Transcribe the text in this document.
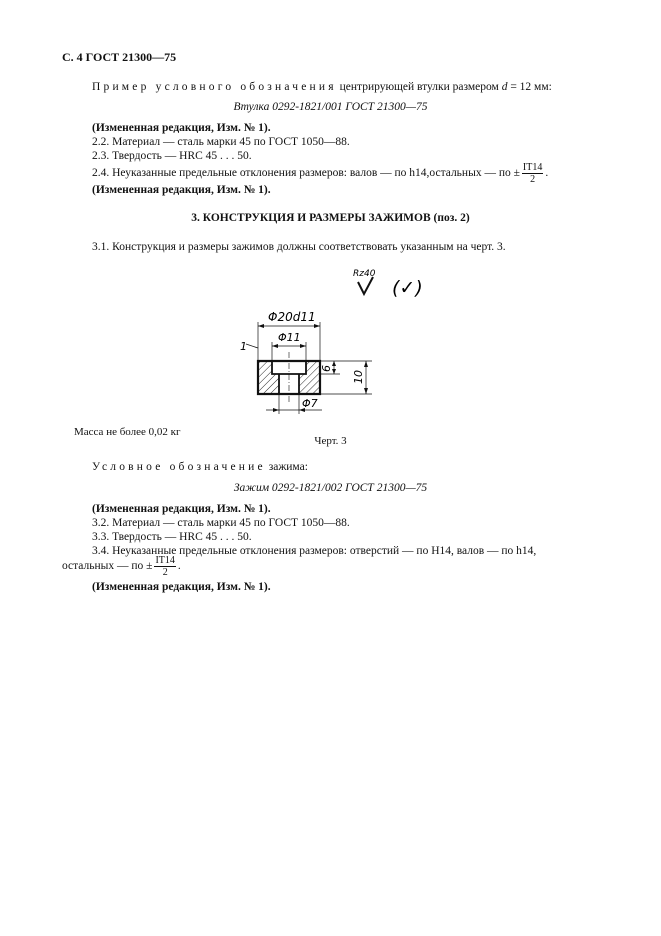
С. 4 ГОСТ 21300—75
Пример условного обозначения центрирующей втулки размером d = 12 мм:
Втулка 0292-1821/001 ГОСТ 21300—75
(Измененная редакция, Изм. № 1).
2.2. Материал — сталь марки 45 по ГОСТ 1050—88.
2.3. Твердость — HRC 45 . . . 50.
2.4. Неуказанные предельные отклонения размеров: валов — по h14,остальных — по ± $\frac{IT14}{2}$ .
(Измененная редакция, Изм. № 1).
3. КОНСТРУКЦИЯ И РАЗМЕРЫ ЗАЖИМОВ (поз. 2)
3.1. Конструкция и размеры зажимов должны соответствовать указанным на черт. 3.
Rz40
(✓)
Φ20d11
Φ11
1
Φ7
6
10
Масса не более 0,02 кг
Черт. 3
Условное обозначение зажима:
Зажим 0292-1821/002 ГОСТ 21300—75
(Измененная редакция, Изм. № 1).
3.2. Материал — сталь марки 45 по ГОСТ 1050—88.
3.3. Твердость — HRC 45 . . . 50.
3.4. Неуказанные предельные отклонения размеров: отверстий — по H14, валов — по h14,
остальных — по ± $\frac{IT14}{2}$ .
(Измененная редакция, Изм. № 1).
